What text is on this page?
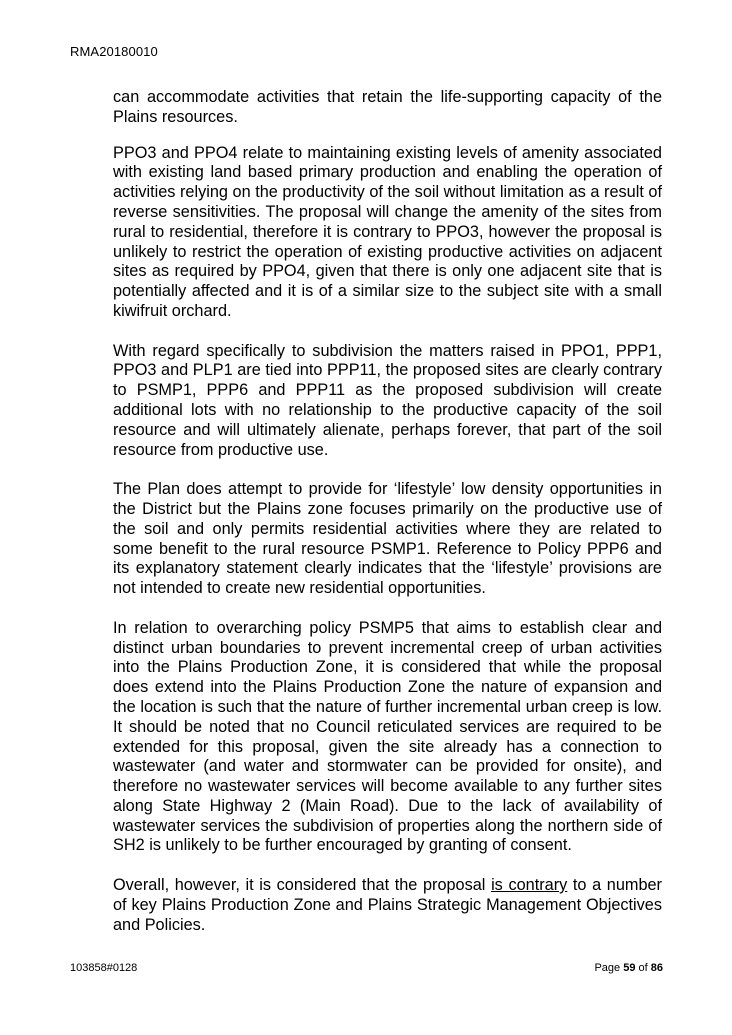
RMA20180010

can accommodate activities that retain the life-supporting capacity of the Plains resources.

PPO3 and PPO4 relate to maintaining existing levels of amenity associated with existing land based primary production and enabling the operation of activities relying on the productivity of the soil without limitation as a result of reverse sensitivities. The proposal will change the amenity of the sites from rural to residential, therefore it is contrary to PPO3, however the proposal is unlikely to restrict the operation of existing productive activities on adjacent sites as required by PPO4, given that there is only one adjacent site that is potentially affected and it is of a similar size to the subject site with a small kiwifruit orchard.

With regard specifically to subdivision the matters raised in PPO1, PPP1, PPO3 and PLP1 are tied into PPP11, the proposed sites are clearly contrary to PSMP1, PPP6 and PPP11 as the proposed subdivision will create additional lots with no relationship to the productive capacity of the soil resource and will ultimately alienate, perhaps forever, that part of the soil resource from productive use.

The Plan does attempt to provide for ‘lifestyle’ low density opportunities in the District but the Plains zone focuses primarily on the productive use of the soil and only permits residential activities where they are related to some benefit to the rural resource PSMP1. Reference to Policy PPP6 and its explanatory statement clearly indicates that the ‘lifestyle’ provisions are not intended to create new residential opportunities.

In relation to overarching policy PSMP5 that aims to establish clear and distinct urban boundaries to prevent incremental creep of urban activities into the Plains Production Zone, it is considered that while the proposal does extend into the Plains Production Zone the nature of expansion and the location is such that the nature of further incremental urban creep is low. It should be noted that no Council reticulated services are required to be extended for this proposal, given the site already has a connection to wastewater (and water and stormwater can be provided for onsite), and therefore no wastewater services will become available to any further sites along State Highway 2 (Main Road). Due to the lack of availability of wastewater services the subdivision of properties along the northern side of SH2 is unlikely to be further encouraged by granting of consent.

Overall, however, it is considered that the proposal is contrary to a number of key Plains Production Zone and Plains Strategic Management Objectives and Policies.

103858#0128	Page 59 of 86
